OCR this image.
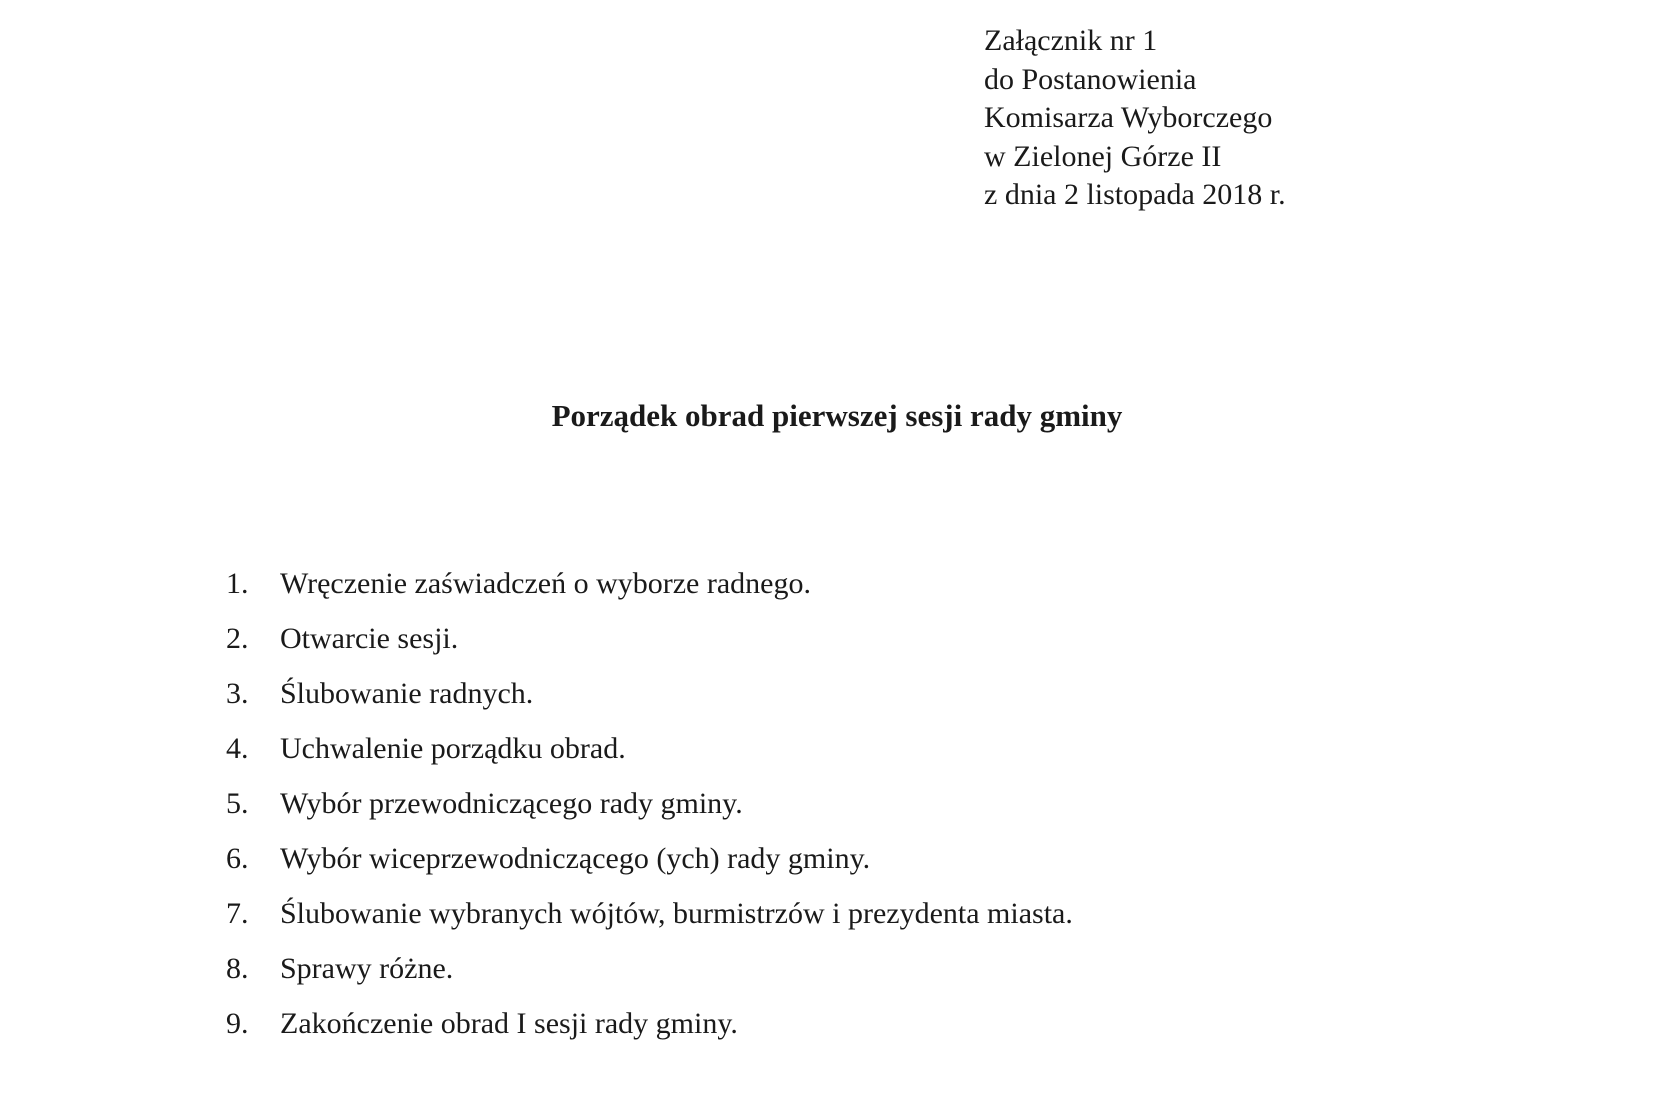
Załącznik nr 1
do Postanowienia
Komisarza Wyborczego
w Zielonej Górze II
z dnia 2 listopada 2018 r.
Porządek obrad pierwszej sesji rady gminy
1.	Wręczenie zaświadczeń o wyborze radnego.
2.	Otwarcie sesji.
3.	Ślubowanie radnych.
4.	Uchwalenie porządku obrad.
5.	Wybór przewodniczącego rady gminy.
6.	Wybór wiceprzewodniczącego (ych) rady gminy.
7.	Ślubowanie wybranych wójtów, burmistrzów i prezydenta miasta.
8.	Sprawy różne.
9.	Zakończenie obrad I sesji rady gminy.
